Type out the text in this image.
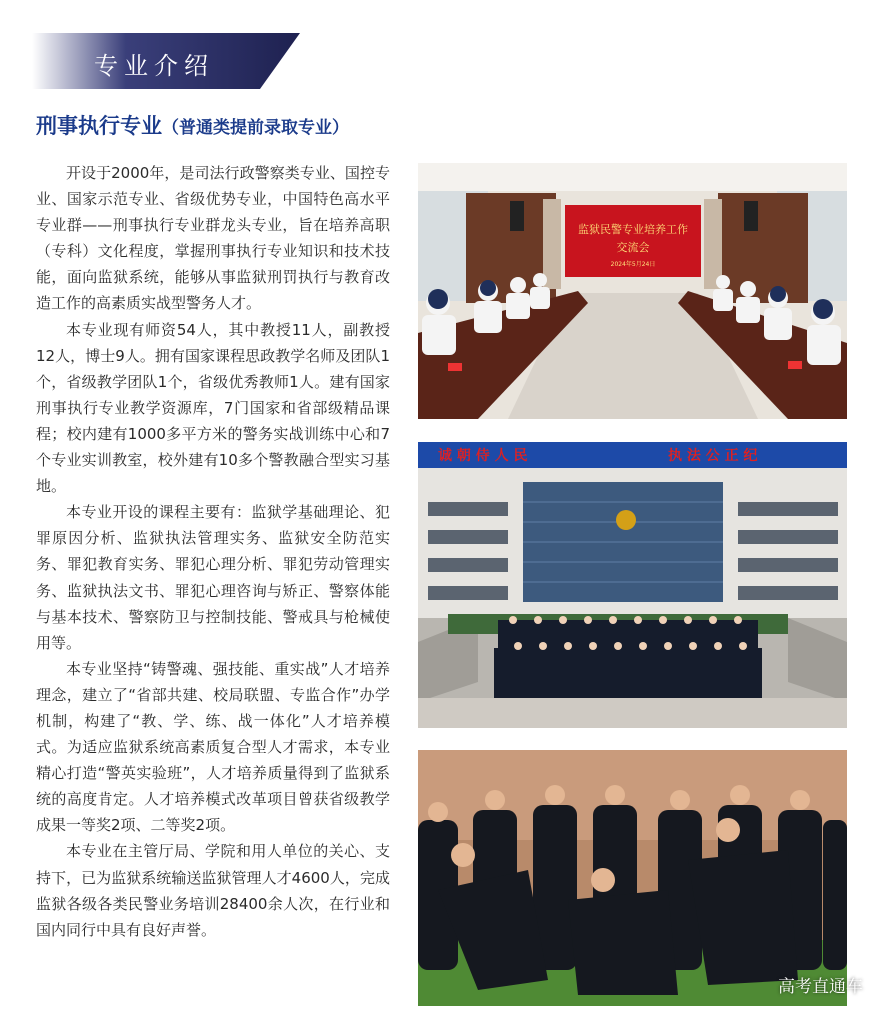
专业介绍
刑事执行专业（普通类提前录取专业）

开设于2000年，是司法行政警察类专业、国控专业、国家示范专业、省级优势专业，中国特色高水平专业群——刑事执行专业群龙头专业，旨在培养高职（专科）文化程度，掌握刑事执行专业知识和技术技能，面向监狱系统，能够从事监狱刑罚执行与教育改造工作的高素质实战型警务人才。

本专业现有师资54人，其中教授11人，副教授12人，博士9人。拥有国家课程思政教学名师及团队1个，省级教学团队1个，省级优秀教师1人。建有国家刑事执行专业教学资源库，7门国家和省部级精品课程；校内建有1000多平方米的警务实战训练中心和7个专业实训教室，校外建有10多个警教融合型实习基地。

本专业开设的课程主要有：监狱学基础理论、犯罪原因分析、监狱执法管理实务、监狱安全防范实务、罪犯教育实务、罪犯心理分析、罪犯劳动管理实务、监狱执法文书、罪犯心理咨询与矫正、警察体能与基本技术、警察防卫与控制技能、警戒具与枪械使用等。

本专业坚持“铸警魂、强技能、重实战”人才培养理念，建立了“省部共建、校局联盟、专监合作”办学机制，构建了“教、学、练、战一体化”人才培养模式。为适应监狱系统高素质复合型人才需求，本专业精心打造“警英实验班”，人才培养质量得到了监狱系统的高度肯定。人才培养模式改革项目曾获省级教学成果一等奖2项、二等奖2项。

本专业在主管厅局、学院和用人单位的关心、支持下，已为监狱系统输送监狱管理人才4600人，完成监狱各级各类民警业务培训28400余人次，在行业和国内同行中具有良好声誉。

监狱民警专业培养工作
交流会
2024年5月24日
诚 朝 侍 人 民	执 法 公 正 纪
高考直通车
